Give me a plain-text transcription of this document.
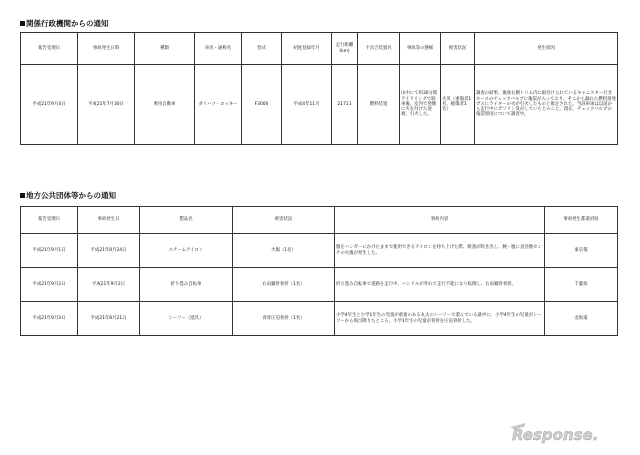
関係行政機関からの通知
報告受理日	事故発生日時	種類	車名・通称名	型式	初度登録年月	走行距離(km)	不具合装置名	事故等の態様	被害状況	発生原因
平成21年9月4日	平成21年7月30日	乗用自動車	ダイハツ・ロッキー	F300S	平成4年11月	21711	燃料装置	山中にて約30分間アイドリングで駐車後、室内で発煙に火を付けた途端、引火した。	火災（重傷者1名、軽傷者1名）	調査の結果、後席右側トリム内に取付けられているキャニスター行きホースのチェックバルブに亀裂が入っており、そこから漏れた燃料蒸発ガスにライターの火が引火したものと推定された。当該車両は以前から走行中にガソリン臭がしていたとのこと。現在、チェックバルブの亀裂原因について調査中。
地方公共団体等からの通知
報告受理日	事故発生日	製品名	被害状況	事故内容	事故発生都道府県
平成21年9月1日	平成21年8月24日	スチームアイロン	火傷（1名）	服をハンガーにかけたままで使用できるアイロンを持ち上げた際、軟蒸が吹き出し、腕・腹に直径数センチの火傷が発生した。	東京都
平成21年9月2日	平成21年9月2日	折り畳み自転車	右肩鎖骨骨折（1名）	折り畳み自転車で道路を走行中、ハンドルが外れて走行不能になり転倒し、右肩鎖骨骨折。	千葉県
平成21年9月3日	平成21年8月21日	シーソー（遊具）	背骨圧迫骨折（1名）	小学4年生と小学1年生の児童が重量のある丸太のシーソーで遊んでいる最中に、小学4年生の児童がシーソーから飛び降りたところ、小学1年生の児童が背骨を圧迫骨折した。	北海道
Response.
